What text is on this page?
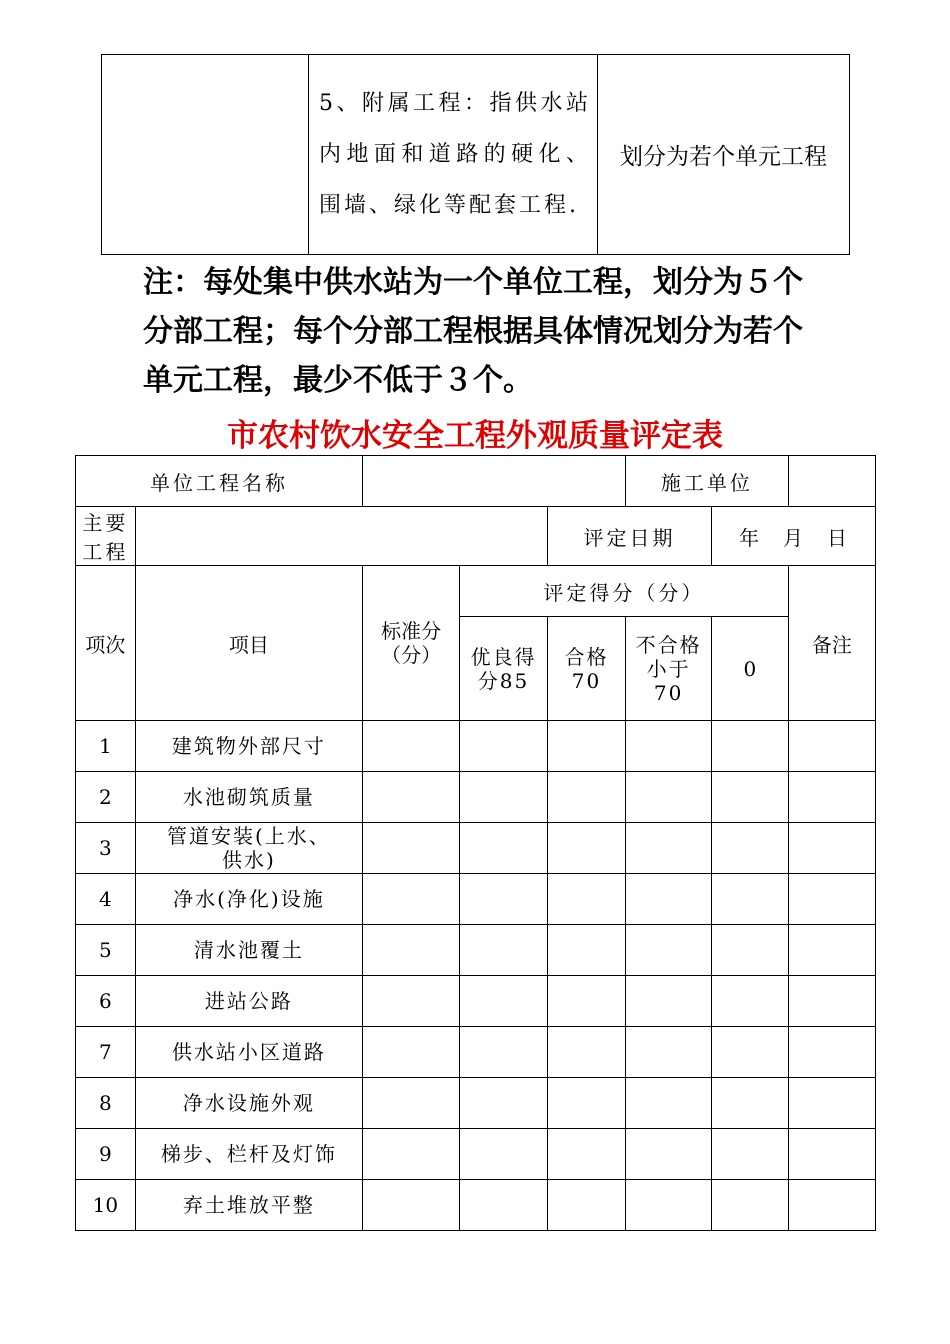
	5、附属工程：指供水站内地面和道路的硬化、围墙、绿化等配套工程.	划分为若个单元工程
注：每处集中供水站为一个单位工程，划分为５个分部工程；每个分部工程根据具体情况划分为若个单元工程，最少不低于３个。
市农村饮水安全工程外观质量评定表
单位工程名称					施工单位		
主要工程				评定日期		年　月　日	
项次	项目	标准分（分）	评定得分（分）				备注
			优良得分85	合格70	不合格小于70	0	
1	建筑物外部尺寸						
2	水池砌筑质量						
3	管道安装(上水、供水)						
4	净水(净化)设施						
5	清水池覆土						
6	进站公路						
7	供水站小区道路						
8	净水设施外观						
9	梯步、栏杆及灯饰						
10	弃土堆放平整						
